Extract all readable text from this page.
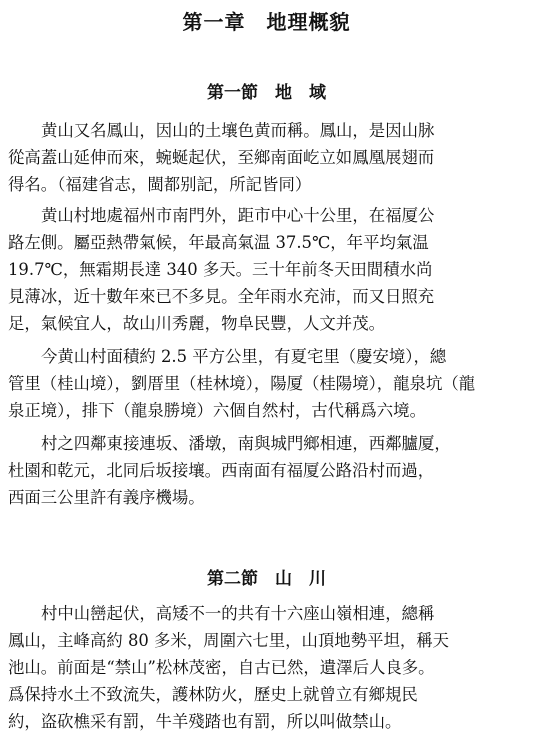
第一章　地理概貌
第一節　地　域
黄山又名鳳山，因山的土壤色黄而稱。鳳山，是因山脉
從高蓋山延伸而來，蜿蜒起伏，至鄉南面屹立如鳳凰展翅而
得名。（福建省志，閩都别記，所記皆同）
黄山村地處福州市南門外，距市中心十公里，在福厦公
路左側。屬亞熱帶氣候，年最高氣温 37.5℃，年平均氣温
19.7℃，無霜期長達 340 多天。三十年前冬天田間積水尚
見薄冰，近十數年來已不多見。全年雨水充沛，而又日照充
足，氣候宜人，故山川秀麗，物阜民豐，人文并茂。
今黄山村面積約 2.5 平方公里，有夏宅里（慶安境），總
管里（桂山境），劉厝里（桂林境），陽厦（桂陽境），龍泉坑（龍
泉正境），排下（龍泉勝境）六個自然村，古代稱爲六境。
村之四鄰東接連坂、潘墩，南與城門鄉相連，西鄰臚厦，
杜園和乾元，北同后坂接壤。西南面有福厦公路沿村而過，
西面三公里許有義序機場。
第二節　山　川
村中山巒起伏，高矮不一的共有十六座山嶺相連，總稱
鳳山，主峰高約 80 多米，周圍六七里，山頂地勢平坦，稱天
池山。前面是“禁山”松林茂密，自古已然，遺澤后人良多。
爲保持水土不致流失，護林防火，歷史上就曾立有鄉規民
約，盗砍樵采有罰，牛羊殘踏也有罰，所以叫做禁山。
